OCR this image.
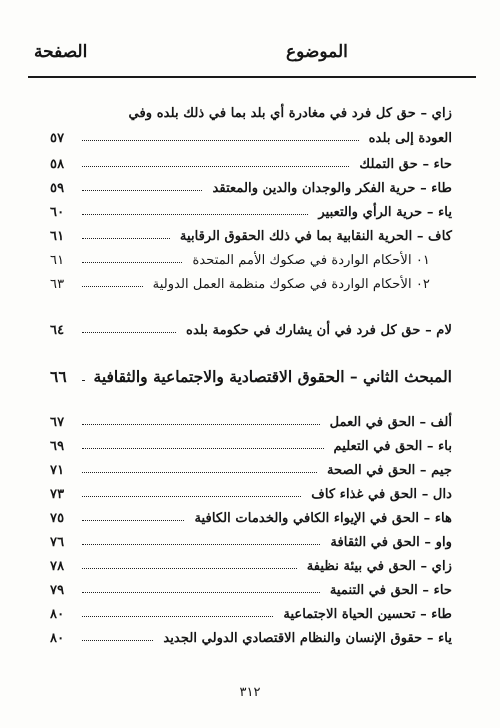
الموضوع
الصفحة
زاي – حق كل فرد في مغادرة أي بلد بما في ذلك بلده وفي
العودة إلى بلده
٥٧
حاء – حق التملك
٥٨
طاء – حرية الفكر والوجدان والدين والمعتقد
٥٩
ياء – حرية الرأي والتعبير
٦٠
كاف – الحرية النقابية بما في ذلك الحقوق الرقابية
٦١
٠١ الأحكام الواردة في صكوك الأمم المتحدة
٦١
٠٢ الأحكام الواردة في صكوك منظمة العمل الدولية
٦٣
لام – حق كل فرد في أن يشارك في حكومة بلده
٦٤
المبحث الثاني – الحقوق الاقتصادية والاجتماعية والثقافية
٦٦
ألف – الحق في العمل
٦٧
باء – الحق في التعليم
٦٩
جيم – الحق في الصحة
٧١
دال – الحق في غذاء كاف
٧٣
هاء – الحق في الإيواء الكافي والخدمات الكافية
٧٥
واو – الحق في الثقافة
٧٦
زاي – الحق في بيئة نظيفة
٧٨
حاء – الحق في التنمية
٧٩
طاء – تحسين الحياة الاجتماعية
٨٠
ياء – حقوق الإنسان والنظام الاقتصادي الدولي الجديد
٨٠
٣١٢
